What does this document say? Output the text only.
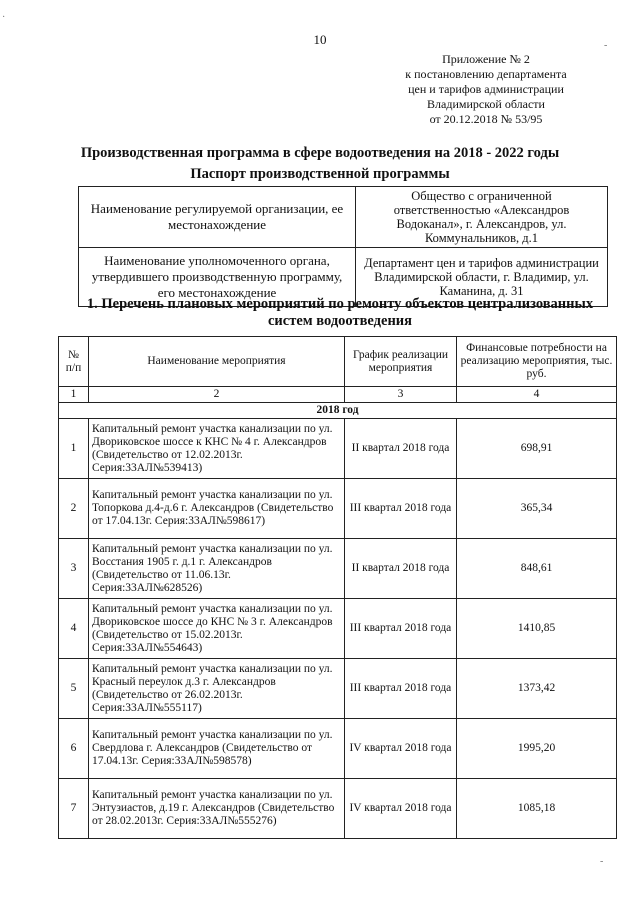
10
Приложение № 2
к постановлению департамента
цен и тарифов администрации
Владимирской области
от 20.12.2018 № 53/95
Производственная программа в сфере водоотведения на 2018 - 2022 годы
Паспорт производственной программы
Наименование регулируемой организации, ее местонахождение	Общество с ограниченной ответственностью «Александров Водоканал», г. Александров, ул. Коммунальников, д.1
Наименование уполномоченного органа, утвердившего производственную программу, его местонахождение	Департамент цен и тарифов администрации Владимирской области, г. Владимир, ул. Каманина, д. 31
1. Перечень плановых мероприятий по ремонту объектов централизованных систем водоотведения
№ п/п	Наименование мероприятия	График реализации мероприятия	Финансовые потребности на реализацию мероприятия, тыс. руб.
1	2	3	4
2018 год			
1	Капитальный ремонт участка канализации по ул. Двориковское шоссе к КНС № 4 г. Александров (Свидетельство от 12.02.2013г. Серия:33АЛ№539413)	II квартал 2018 года	698,91
2	Капитальный ремонт участка канализации по ул. Топоркова д.4-д.6 г. Александров (Свидетельство от 17.04.13г. Серия:33АЛ№598617)	III квартал 2018 года	365,34
3	Капитальный ремонт участка канализации по ул. Восстания 1905 г. д.1 г. Александров (Свидетельство от 11.06.13г. Серия:33АЛ№628526)	II квартал 2018 года	848,61
4	Капитальный ремонт участка канализации по ул. Двориковское шоссе до КНС № 3 г. Александров (Свидетельство от 15.02.2013г. Серия:33АЛ№554643)	III квартал 2018 года	1410,85
5	Капитальный ремонт участка канализации по ул. Красный переулок д.3 г. Александров (Свидетельство от 26.02.2013г. Серия:33АЛ№555117)	III квартал 2018 года	1373,42
6	Капитальный ремонт участка канализации по ул. Свердлова г. Александров (Свидетельство от 17.04.13г. Серия:33АЛ№598578)	IV квартал 2018 года	1995,20
7	Капитальный ремонт участка канализации по ул. Энтузиастов, д.19 г. Александров (Свидетельство от 28.02.2013г. Серия:33АЛ№555276)	IV квартал 2018 года	1085,18
·
‐
‐
